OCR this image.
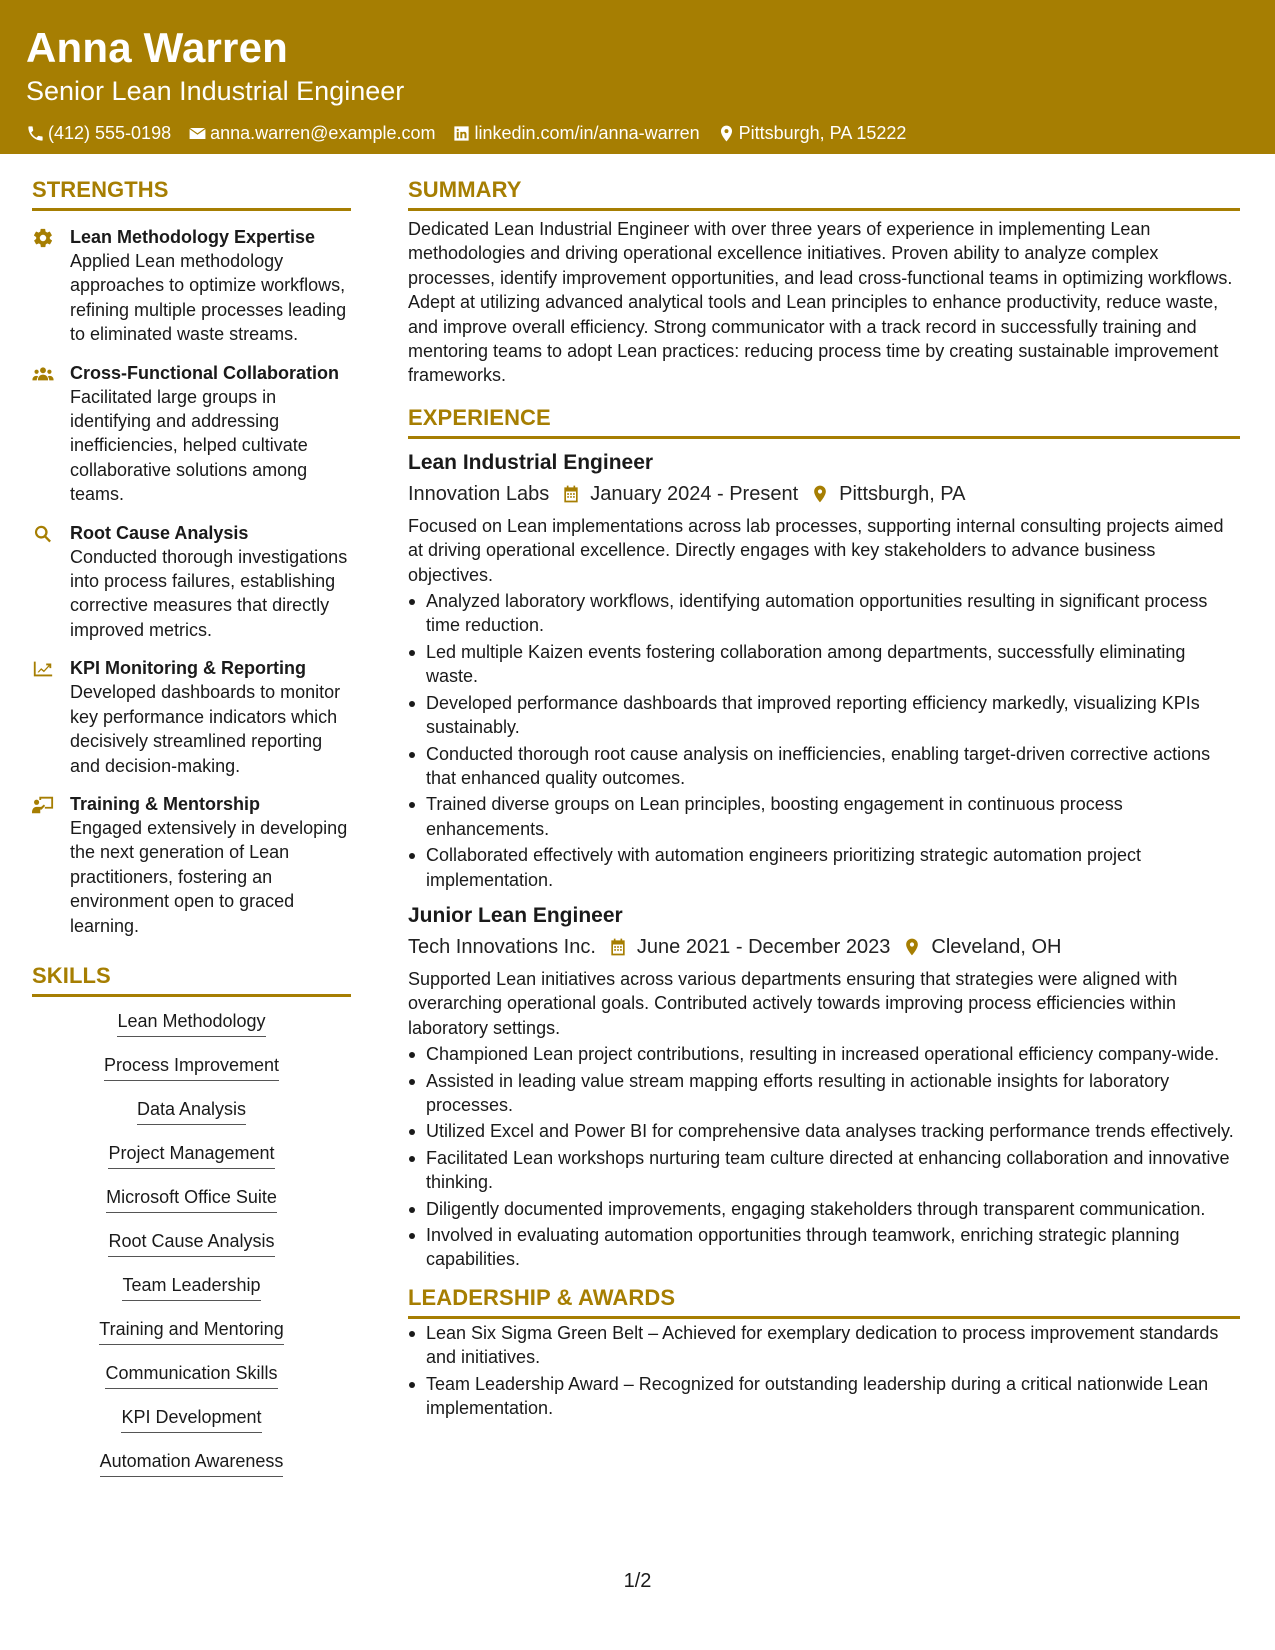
Anna Warren
Senior Lean Industrial Engineer
(412) 555-0198 anna.warren@example.com linkedin.com/in/anna-warren Pittsburgh, PA 15222
STRENGTHS
Lean Methodology Expertise
Applied Lean methodology approaches to optimize workflows, refining multiple processes leading to eliminated waste streams.
Cross-Functional Collaboration
Facilitated large groups in identifying and addressing inefficiencies, helped cultivate collaborative solutions among teams.
Root Cause Analysis
Conducted thorough investigations into process failures, establishing corrective measures that directly improved metrics.
KPI Monitoring & Reporting
Developed dashboards to monitor key performance indicators which decisively streamlined reporting and decision-making.
Training & Mentorship
Engaged extensively in developing the next generation of Lean practitioners, fostering an environment open to graced learning.
SKILLS
Lean Methodology
Process Improvement
Data Analysis
Project Management
Microsoft Office Suite
Root Cause Analysis
Team Leadership
Training and Mentoring
Communication Skills
KPI Development
Automation Awareness
SUMMARY
Dedicated Lean Industrial Engineer with over three years of experience in implementing Lean methodologies and driving operational excellence initiatives. Proven ability to analyze complex processes, identify improvement opportunities, and lead cross-functional teams in optimizing workflows. Adept at utilizing advanced analytical tools and Lean principles to enhance productivity, reduce waste, and improve overall efficiency. Strong communicator with a track record in successfully training and mentoring teams to adopt Lean practices: reducing process time by creating sustainable improvement frameworks.
EXPERIENCE
Lean Industrial Engineer
Innovation Labs January 2024 - Present Pittsburgh, PA
Focused on Lean implementations across lab processes, supporting internal consulting projects aimed at driving operational excellence. Directly engages with key stakeholders to advance business objectives.
Analyzed laboratory workflows, identifying automation opportunities resulting in significant process time reduction.
Led multiple Kaizen events fostering collaboration among departments, successfully eliminating waste.
Developed performance dashboards that improved reporting efficiency markedly, visualizing KPIs sustainably.
Conducted thorough root cause analysis on inefficiencies, enabling target-driven corrective actions that enhanced quality outcomes.
Trained diverse groups on Lean principles, boosting engagement in continuous process enhancements.
Collaborated effectively with automation engineers prioritizing strategic automation project implementation.
Junior Lean Engineer
Tech Innovations Inc. June 2021 - December 2023 Cleveland, OH
Supported Lean initiatives across various departments ensuring that strategies were aligned with overarching operational goals. Contributed actively towards improving process efficiencies within laboratory settings.
Championed Lean project contributions, resulting in increased operational efficiency company-wide.
Assisted in leading value stream mapping efforts resulting in actionable insights for laboratory processes.
Utilized Excel and Power BI for comprehensive data analyses tracking performance trends effectively.
Facilitated Lean workshops nurturing team culture directed at enhancing collaboration and innovative thinking.
Diligently documented improvements, engaging stakeholders through transparent communication.
Involved in evaluating automation opportunities through teamwork, enriching strategic planning capabilities.
LEADERSHIP & AWARDS
Lean Six Sigma Green Belt – Achieved for exemplary dedication to process improvement standards and initiatives.
Team Leadership Award – Recognized for outstanding leadership during a critical nationwide Lean implementation.
1/2
